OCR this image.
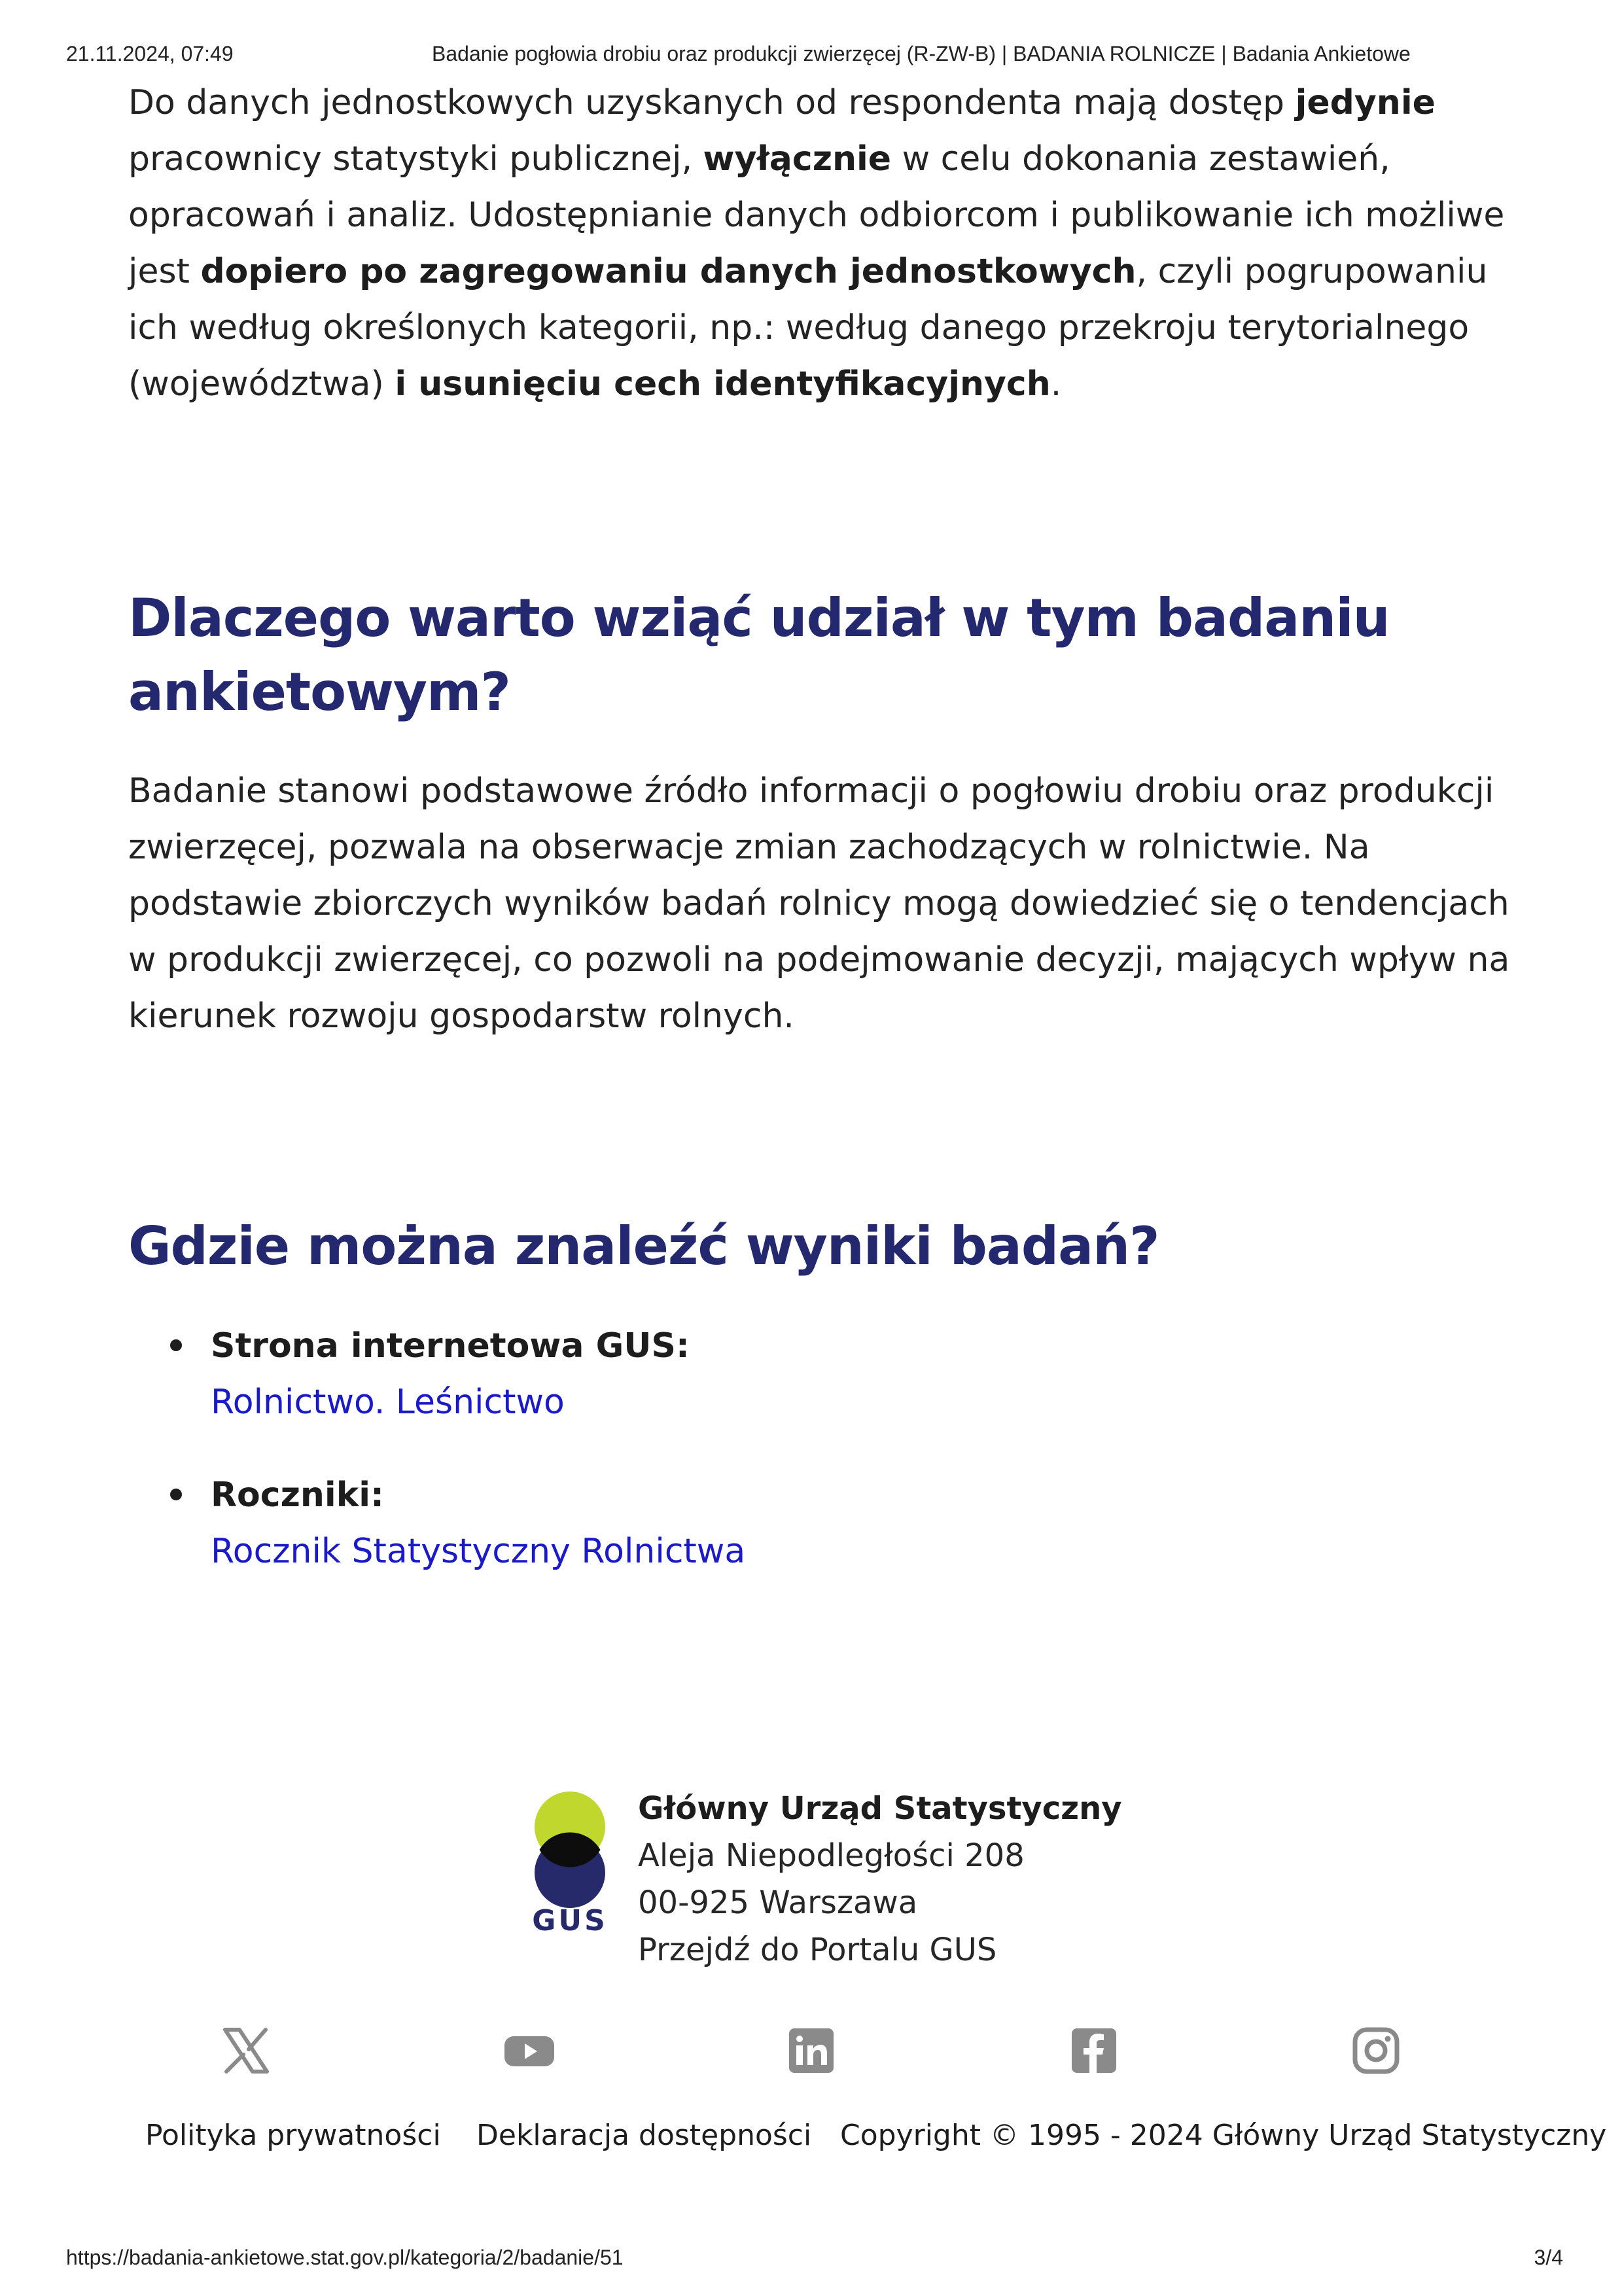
21.11.2024, 07:49	Badanie pogłowia drobiu oraz produkcji zwierzęcej (R-ZW-B) | BADANIA ROLNICZE | Badania Ankietowe

Do danych jednostkowych uzyskanych od respondenta mają dostęp jedynie pracownicy statystyki publicznej, wyłącznie w celu dokonania zestawień, opracowań i analiz. Udostępnianie danych odbiorcom i publikowanie ich możliwe jest dopiero po zagregowaniu danych jednostkowych, czyli pogrupowaniu ich według określonych kategorii, np.: według danego przekroju terytorialnego (województwa) i usunięciu cech identyfikacyjnych.

Dlaczego warto wziąć udział w tym badaniu ankietowym?

Badanie stanowi podstawowe źródło informacji o pogłowiu drobiu oraz produkcji zwierzęcej, pozwala na obserwacje zmian zachodzących w rolnictwie. Na podstawie zbiorczych wyników badań rolnicy mogą dowiedzieć się o tendencjach w produkcji zwierzęcej, co pozwoli na podejmowanie decyzji, mających wpływ na kierunek rozwoju gospodarstw rolnych.

Gdzie można znaleźć wyniki badań?
Strona internetowa GUS:
Rolnictwo. Leśnictwo
Roczniki:
Rocznik Statystyczny Rolnictwa
GUS
Główny Urząd Statystyczny
Aleja Niepodległości 208
00-925 Warszawa
Przejdź do Portalu GUS
Polityka prywatności Deklaracja dostępności Copyright © 1995 - 2024 Główny Urząd Statystyczny
https://badania-ankietowe.stat.gov.pl/kategoria/2/badanie/51	3/4
